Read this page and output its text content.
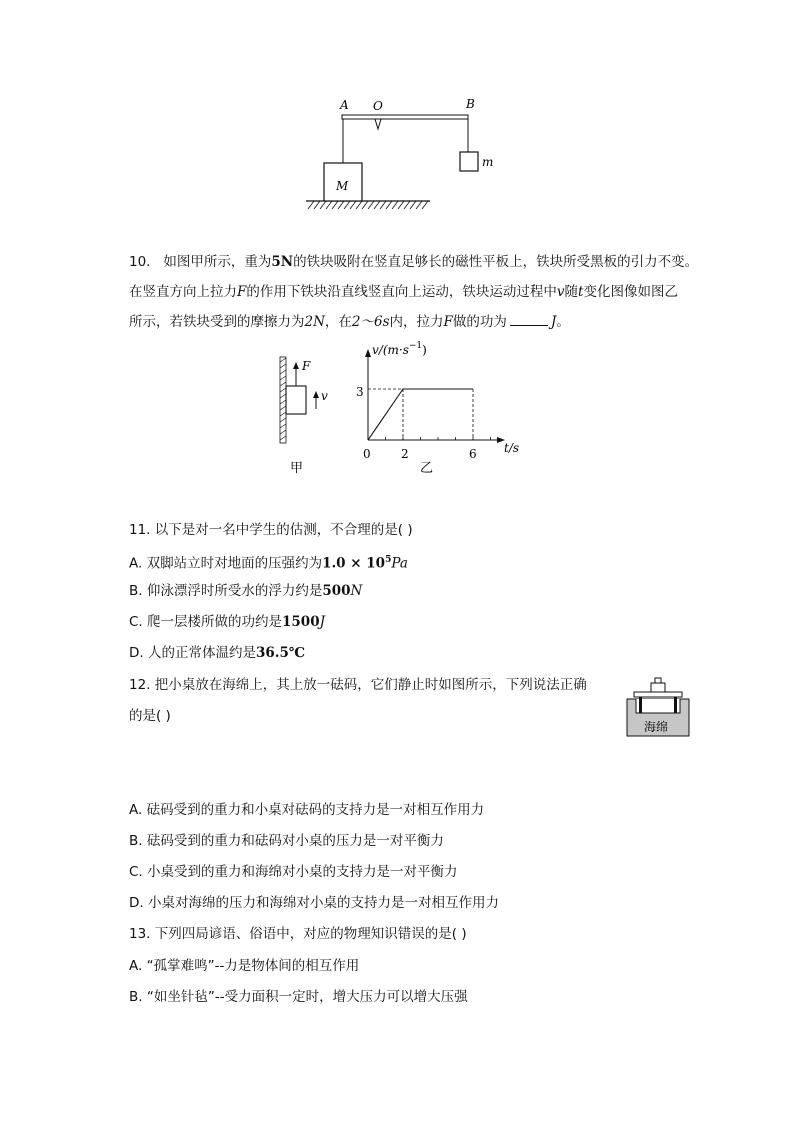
A O	B
M
m
10. 如图甲所示，重为5N的铁块吸附在竖直足够长的磁性平板上，铁块所受黑板的引力不变。
在竖直方向上拉力F的作用下铁块沿直线竖直向上运动，铁块运动过程中v随t变化图像如图乙
所示，若铁块受到的摩擦力为2N，在2～6s内，拉力F做的功为	J。
F
v
甲
$v/(m\cdot s^{-1})$
t/s
3
0	2	6
乙
11. 以下是对一名中学生的估测，不合理的是( )
A. 双脚站立时对地面的压强约为$1.0 \times 10^5Pa$
B. 仰泳漂浮时所受水的浮力约是500N
C. 爬一层楼所做的功约是1500J
D. 人的正常体温约是36.5℃
12. 把小桌放在海绵上，其上放一砝码，它们静止时如图所示，下列说法正确
的是( )
海绵
A. 砝码受到的重力和小桌对砝码的支持力是一对相互作用力
B. 砝码受到的重力和砝码对小桌的压力是一对平衡力
C. 小桌受到的重力和海绵对小桌的支持力是一对平衡力
D. 小桌对海绵的压力和海绵对小桌的支持力是一对相互作用力
13. 下列四局谚语、俗语中，对应的物理知识错误的是( )
A. “孤掌难鸣”--力是物体间的相互作用
B. “如坐针毡”--受力面积一定时，增大压力可以增大压强
